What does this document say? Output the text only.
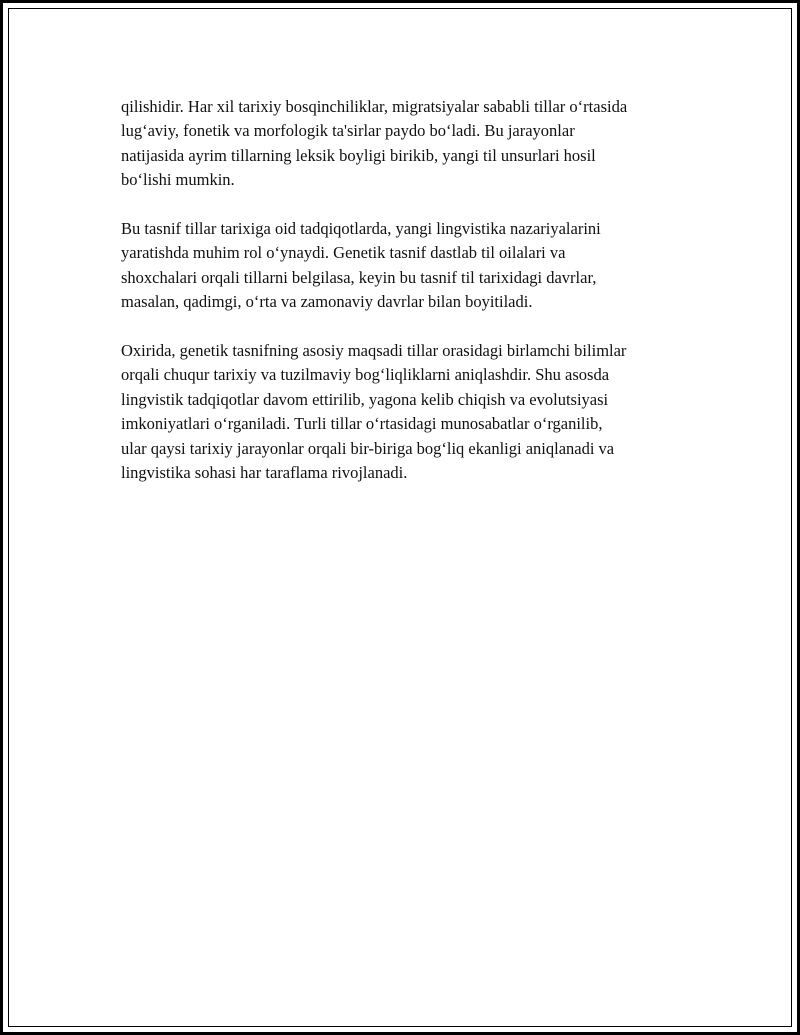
qilishidir. Har xil tarixiy bosqinchiliklar, migratsiyalar sababli tillar o‘rtasida
lug‘aviy, fonetik va morfologik ta'sirlar paydo bo‘ladi. Bu jarayonlar
natijasida ayrim tillarning leksik boyligi birikib, yangi til unsurlari hosil
bo‘lishi mumkin.

Bu tasnif tillar tarixiga oid tadqiqotlarda, yangi lingvistika nazariyalarini
yaratishda muhim rol o‘ynaydi. Genetik tasnif dastlab til oilalari va
shoxchalari orqali tillarni belgilasa, keyin bu tasnif til tarixidagi davrlar,
masalan, qadimgi, o‘rta va zamonaviy davrlar bilan boyitiladi.

Oxirida, genetik tasnifning asosiy maqsadi tillar orasidagi birlamchi bilimlar
orqali chuqur tarixiy va tuzilmaviy bog‘liqliklarni aniqlashdir. Shu asosda
lingvistik tadqiqotlar davom ettirilib, yagona kelib chiqish va evolutsiyasi
imkoniyatlari o‘rganiladi. Turli tillar o‘rtasidagi munosabatlar o‘rganilib,
ular qaysi tarixiy jarayonlar orqali bir-biriga bog‘liq ekanligi aniqlanadi va
lingvistika sohasi har taraflama rivojlanadi.
